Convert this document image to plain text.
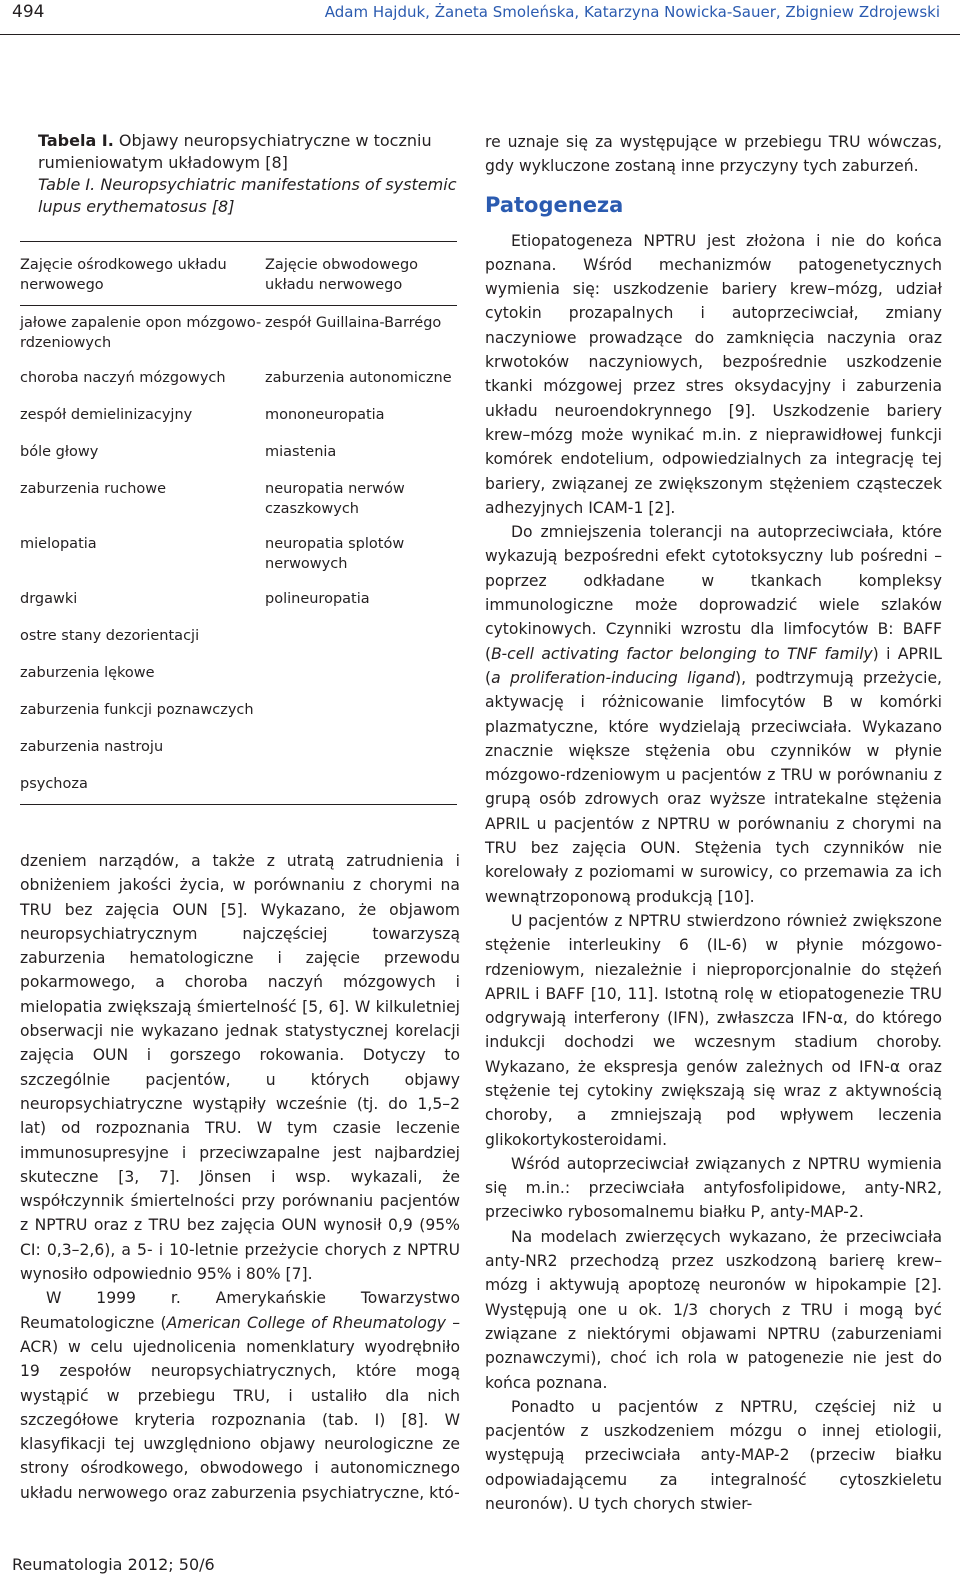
494	Adam Hajduk, Żaneta Smoleńska, Katarzyna Nowicka-Sauer, Zbigniew Zdrojewski
Tabela I. Objawy neuropsychiatryczne w toczniu rumieniowatym układowym [8]
Table I. Neuropsychiatric manifestations of systemic lupus erythematosus [8]
Zajęcie ośrodkowego układu nerwowego	Zajęcie obwodowego układu nerwowego
jałowe zapalenie opon mózgowo-rdzeniowych	zespół Guillaina-Barrégo
choroba naczyń mózgowych	zaburzenia autonomiczne
zespół demielinizacyjny	mononeuropatia
bóle głowy	miastenia
zaburzenia ruchowe	neuropatia nerwów czaszkowych
mielopatia	neuropatia splotów nerwowych
drgawki	polineuropatia
ostre stany dezorientacji	
zaburzenia lękowe	
zaburzenia funkcji poznawczych	
zaburzenia nastroju	
psychoza	

dzeniem narządów, a także z utratą zatrudnienia i obniżeniem jakości życia, w porównaniu z chorymi na TRU bez zajęcia OUN [5]. Wykazano, że objawom neuropsychiatrycznym najczęściej towarzyszą zaburzenia hematologiczne i zajęcie przewodu pokarmowego, a choroba naczyń mózgowych i mielopatia zwiększają śmiertelność [5, 6]. W kilkuletniej obserwacji nie wykazano jednak statystycznej korelacji zajęcia OUN i gorszego rokowania. Dotyczy to szczególnie pacjentów, u których objawy neuropsychiatryczne wystąpiły wcześnie (tj. do 1,5–2 lat) od rozpoznania TRU. W tym czasie leczenie immunosupresyjne i przeciwzapalne jest najbardziej skuteczne [3, 7]. Jönsen i wsp. wykazali, że współczynnik śmiertelności przy porównaniu pacjentów z NPTRU oraz z TRU bez zajęcia OUN wynosił 0,9 (95% CI: 0,3–2,6), a 5- i 10-letnie przeżycie chorych z NPTRU wynosiło odpowiednio 95% i 80% [7].

W 1999 r. Amerykańskie Towarzystwo Reumatologiczne (American College of Rheumatology – ACR) w celu ujednolicenia nomenklatury wyodrębniło 19 zespołów neuropsychiatrycznych, które mogą wystąpić w przebiegu TRU, i ustaliło dla nich szczegółowe kryteria rozpoznania (tab. I) [8]. W klasyfikacji tej uwzględniono objawy neurologiczne ze strony ośrodkowego, obwodowego i autonomicznego układu nerwowego oraz zaburzenia psychiatryczne, któ-

re uznaje się za występujące w przebiegu TRU wówczas, gdy wykluczone zostaną inne przyczyny tych zaburzeń.

Patogeneza

Etiopatogeneza NPTRU jest złożona i nie do końca poznana. Wśród mechanizmów patogenetycznych wymienia się: uszkodzenie bariery krew–mózg, udział cytokin prozapalnych i autoprzeciwciał, zmiany naczyniowe prowadzące do zamknięcia naczynia oraz krwotoków naczyniowych, bezpośrednie uszkodzenie tkanki mózgowej przez stres oksydacyjny i zaburzenia układu neuroendokrynnego [9]. Uszkodzenie bariery krew–mózg może wynikać m.in. z nieprawidłowej funkcji komórek endotelium, odpowiedzialnych za integrację tej bariery, związanej ze zwiększonym stężeniem cząsteczek adhezyjnych ICAM-1 [2].

Do zmniejszenia tolerancji na autoprzeciwciała, które wykazują bezpośredni efekt cytotoksyczny lub pośredni – poprzez odkładane w tkankach kompleksy immunologiczne może doprowadzić wiele szlaków cytokinowych. Czynniki wzrostu dla limfocytów B: BAFF (B-cell activating factor belonging to TNF family) i APRIL (a proliferation-inducing ligand), podtrzymują przeżycie, aktywację i różnicowanie limfocytów B w komórki plazmatyczne, które wydzielają przeciwciała. Wykazano znacznie większe stężenia obu czynników w płynie mózgowo-rdzeniowym u pacjentów z TRU w porównaniu z grupą osób zdrowych oraz wyższe intratekalne stężenia APRIL u pacjentów z NPTRU w porównaniu z chorymi na TRU bez zajęcia OUN. Stężenia tych czynników nie korelowały z poziomami w surowicy, co przemawia za ich wewnątrzoponową produkcją [10].

U pacjentów z NPTRU stwierdzono również zwiększone stężenie interleukiny 6 (IL-6) w płynie mózgowo-rdzeniowym, niezależnie i nieproporcjonalnie do stężeń APRIL i BAFF [10, 11]. Istotną rolę w etiopatogenezie TRU odgrywają interferony (IFN), zwłaszcza IFN-α, do którego indukcji dochodzi we wczesnym stadium choroby. Wykazano, że ekspresja genów zależnych od IFN-α oraz stężenie tej cytokiny zwiększają się wraz z aktywnością choroby, a zmniejszają pod wpływem leczenia glikokortykosteroidami.

Wśród autoprzeciwciał związanych z NPTRU wymienia się m.in.: przeciwciała antyfosfolipidowe, anty-NR2, przeciwko rybosomalnemu białku P, anty-MAP-2.

Na modelach zwierzęcych wykazano, że przeciwciała anty-NR2 przechodzą przez uszkodzoną barierę krew–mózg i aktywują apoptozę neuronów w hipokampie [2]. Występują one u ok. 1/3 chorych z TRU i mogą być związane z niektórymi objawami NPTRU (zaburzeniami poznawczymi), choć ich rola w patogenezie nie jest do końca poznana.

Ponadto u pacjentów z NPTRU, częściej niż u pacjentów z uszkodzeniem mózgu o innej etiologii, występują przeciwciała anty-MAP-2 (przeciw białku odpowiadającemu za integralność cytoszkieletu neuronów). U tych chorych stwier-

Reumatologia 2012; 50/6
